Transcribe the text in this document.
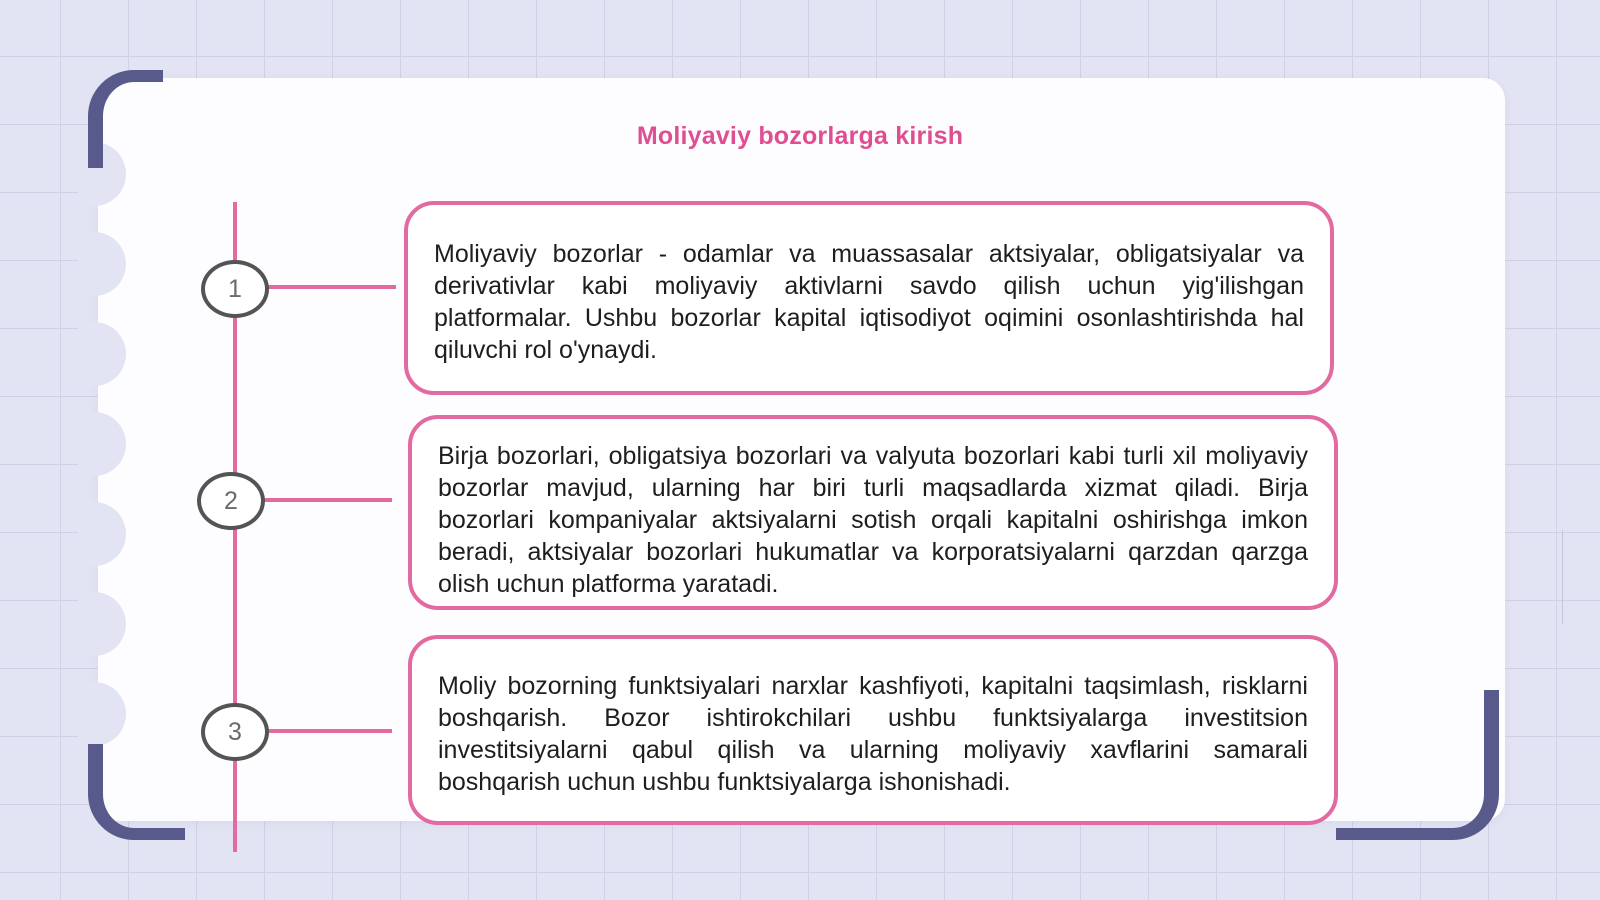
Moliyaviy bozorlarga kirish
1
2
3

Moliyaviy bozorlar - odamlar va muassasalar aktsiyalar, obligatsiyalar va derivativlar kabi moliyaviy aktivlarni savdo qilish uchun yig'ilishgan platformalar. Ushbu bozorlar kapital iqtisodiyot oqimini osonlashtirishda hal qiluvchi rol o'ynaydi.

Birja bozorlari, obligatsiya bozorlari va valyuta bozorlari kabi turli xil moliyaviy bozorlar mavjud, ularning har biri turli maqsadlarda xizmat qiladi. Birja bozorlari kompaniyalar aktsiyalarni sotish orqali kapitalni oshirishga imkon beradi, aktsiyalar bozorlari hukumatlar va korporatsiyalarni qarzdan qarzga olish uchun platforma yaratadi.

Moliy bozorning funktsiyalari narxlar kashfiyoti, kapitalni taqsimlash, risklarni boshqarish. Bozor ishtirokchilari ushbu funktsiyalarga investitsion investitsiyalarni qabul qilish va ularning moliyaviy xavflarini samarali boshqarish uchun ushbu funktsiyalarga ishonishadi.
